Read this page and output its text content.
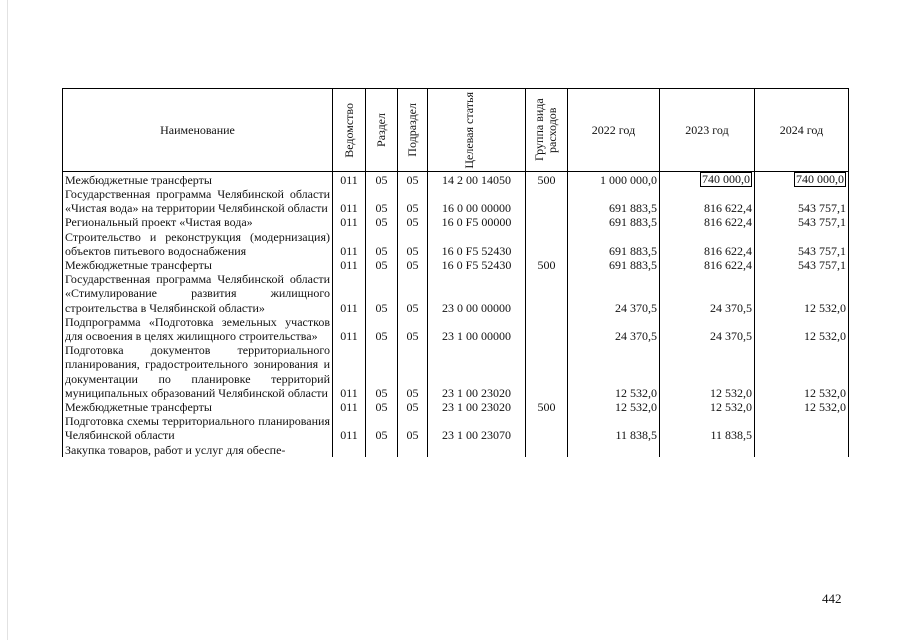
Наименование	Ведомство	Раздел	Подраздел	Целевая статья	Группа вида расходов	2022 год	2023 год	2024 год
Межбюджетные трансферты	011	05	05	14 2 00 14050	500	1 000 000,0	740 000,0	740 000,0
Государственная программа Челябинской области «Чистая вода» на территории Челябинской области	011	05	05	16 0 00 00000		691 883,5	816 622,4	543 757,1
Региональный проект «Чистая вода»	011	05	05	16 0 F5 00000		691 883,5	816 622,4	543 757,1
Строительство и реконструкция (модернизация) объектов питьевого водоснабжения	011	05	05	16 0 F5 52430		691 883,5	816 622,4	543 757,1
Межбюджетные трансферты	011	05	05	16 0 F5 52430	500	691 883,5	816 622,4	543 757,1
Государственная программа Челябинской области «Стимулирование развития жилищного строительства в Челябинской области»	011	05	05	23 0 00 00000		24 370,5	24 370,5	12 532,0
Подпрограмма «Подготовка земельных участков для освоения в целях жилищного строительства»	011	05	05	23 1 00 00000		24 370,5	24 370,5	12 532,0
Подготовка документов территориального планирования, градостроительного зонирования и документации по планировке территорий муниципальных образований Челябинской области	011	05	05	23 1 00 23020		12 532,0	12 532,0	12 532,0
Межбюджетные трансферты	011	05	05	23 1 00 23020	500	12 532,0	12 532,0	12 532,0
Подготовка схемы территориального планирования Челябинской области	011	05	05	23 1 00 23070		11 838,5	11 838,5	
Закупка товаров, работ и услуг для обеспе-								
442
